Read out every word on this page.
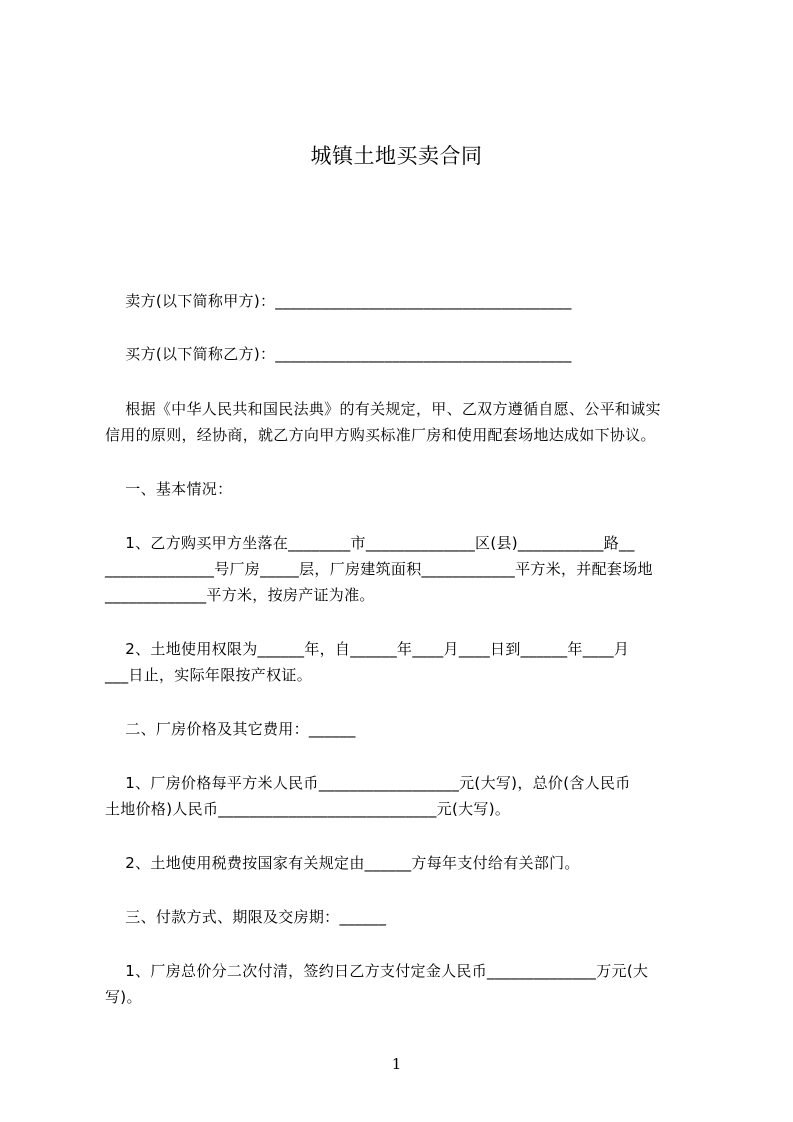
城镇土地买卖合同
卖方(以下简称甲方)：______________________________________
买方(以下简称乙方)：______________________________________
根据《中华人民共和国民法典》的有关规定，甲、乙双方遵循自愿、公平和诚实
信用的原则，经协商，就乙方向甲方购买标准厂房和使用配套场地达成如下协议。
一、基本情况：
1、乙方购买甲方坐落在________市______________区(县)___________路__
______________号厂房_____层，厂房建筑面积____________平方米，并配套场地
_____________平方米，按房产证为准。
2、土地使用权限为______年，自______年____月____日到______年____月
___日止，实际年限按产权证。
二、厂房价格及其它费用：______
1、厂房价格每平方米人民币__________________元(大写)，总价(含人民币
土地价格)人民币____________________________元(大写)。
2、土地使用税费按国家有关规定由______方每年支付给有关部门。
三、付款方式、期限及交房期：______
1、厂房总价分二次付清，签约日乙方支付定金人民币______________万元(大
写)。
1
